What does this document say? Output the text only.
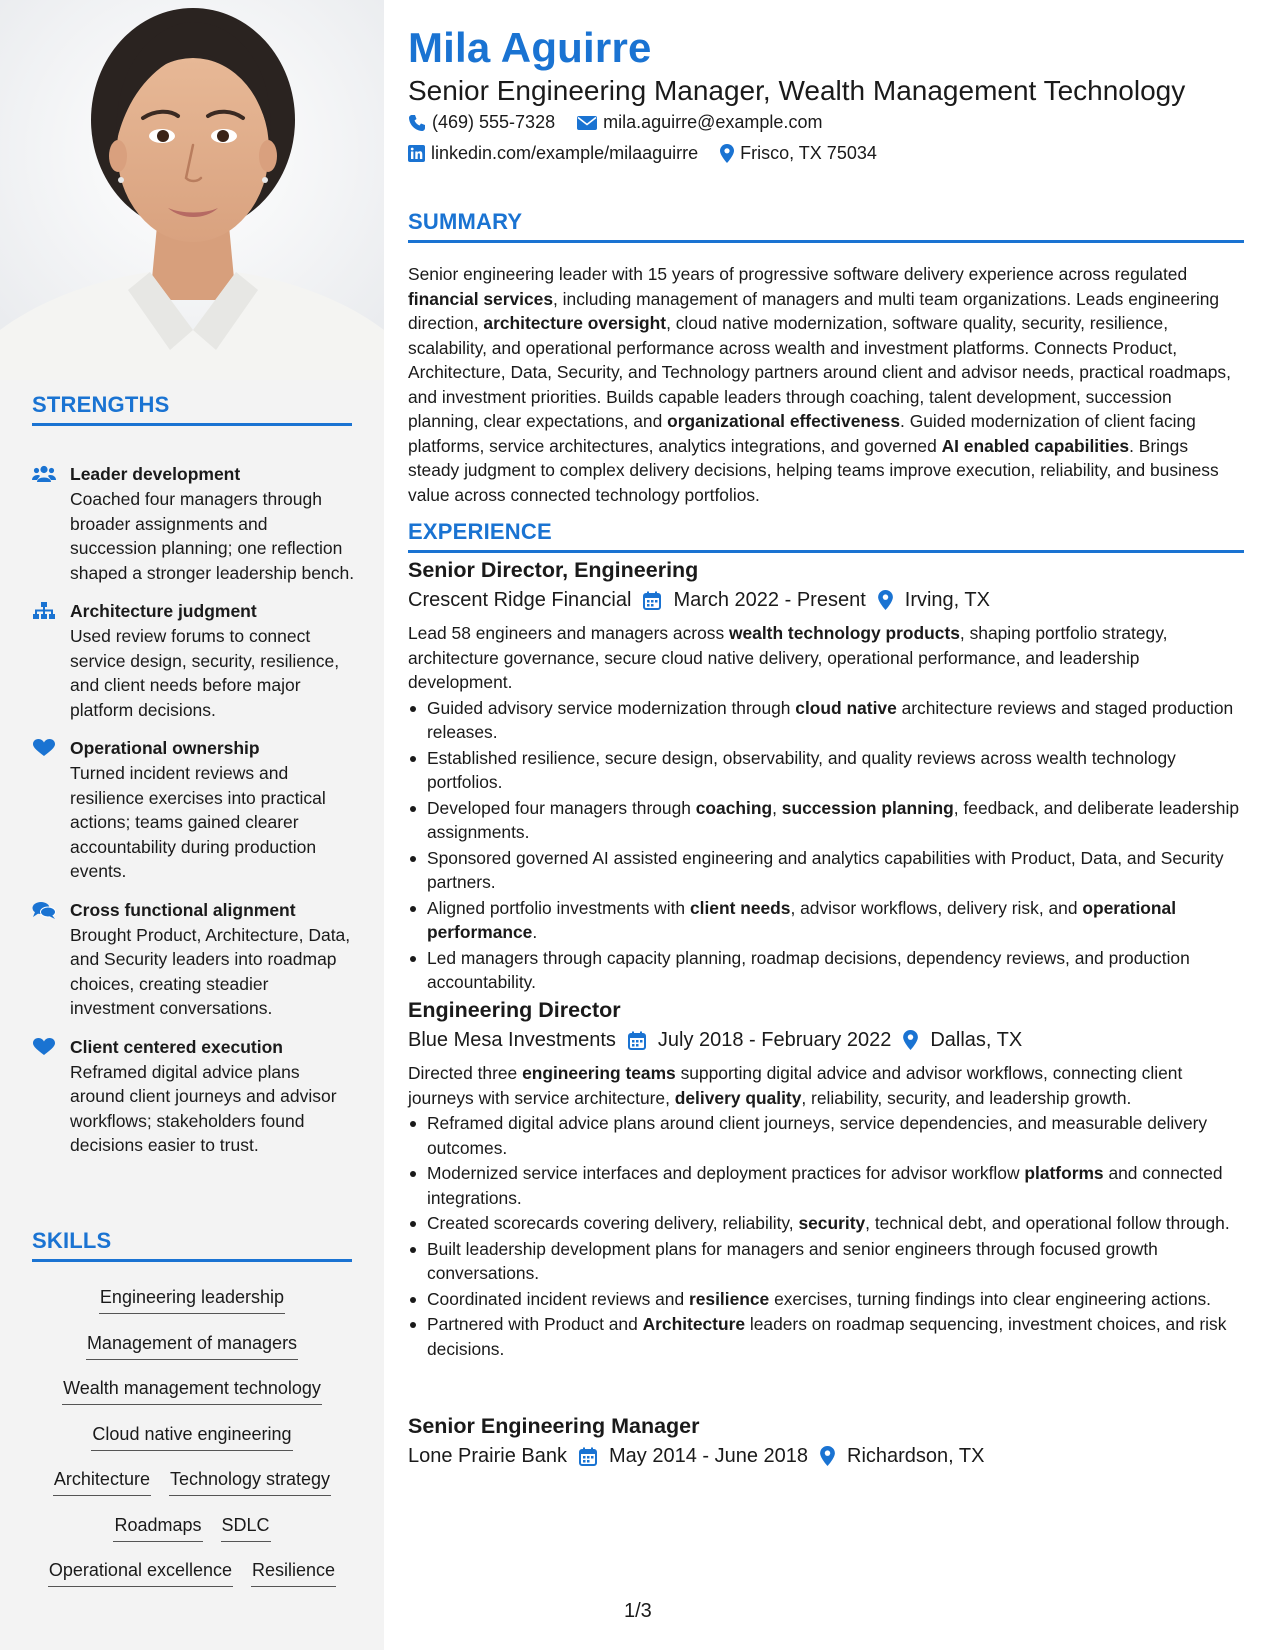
STRENGTHS
Leader development
Coached four managers through broader assignments and succession planning; one reflection shaped a stronger leadership bench.
Architecture judgment
Used review forums to connect service design, security, resilience, and client needs before major platform decisions.
Operational ownership
Turned incident reviews and resilience exercises into practical actions; teams gained clearer accountability during production events.
Cross functional alignment
Brought Product, Architecture, Data, and Security leaders into roadmap choices, creating steadier investment conversations.
Client centered execution
Reframed digital advice plans around client journeys and advisor workflows; stakeholders found decisions easier to trust.
SKILLS
Engineering leadership
Management of managers
Wealth management technology
Cloud native engineering
Architecture Technology strategy
Roadmaps SDLC
Operational excellence Resilience
Mila Aguirre
Senior Engineering Manager, Wealth Management Technology
(469) 555-7328	mila.aguirre@example.com
linkedin.com/example/milaaguirre Frisco, TX 75034
SUMMARY
Senior engineering leader with 15 years of progressive software delivery experience across regulated financial services, including management of managers and multi team organizations. Leads engineering direction, architecture oversight, cloud native modernization, software quality, security, resilience, scalability, and operational performance across wealth and investment platforms. Connects Product, Architecture, Data, Security, and Technology partners around client and advisor needs, practical roadmaps, and investment priorities. Builds capable leaders through coaching, talent development, succession planning, clear expectations, and organizational effectiveness. Guided modernization of client facing platforms, service architectures, analytics integrations, and governed AI enabled capabilities. Brings steady judgment to complex delivery decisions, helping teams improve execution, reliability, and business value across connected technology portfolios.
EXPERIENCE
Senior Director, Engineering
Crescent Ridge Financial March 2022 - Present Irving, TX
Lead 58 engineers and managers across wealth technology products, shaping portfolio strategy, architecture governance, secure cloud native delivery, operational performance, and leadership development.
Guided advisory service modernization through cloud native architecture reviews and staged production releases.
Established resilience, secure design, observability, and quality reviews across wealth technology portfolios.
Developed four managers through coaching, succession planning, feedback, and deliberate leadership assignments.
Sponsored governed AI assisted engineering and analytics capabilities with Product, Data, and Security partners.
Aligned portfolio investments with client needs, advisor workflows, delivery risk, and operational performance.
Led managers through capacity planning, roadmap decisions, dependency reviews, and production accountability.
Engineering Director
Blue Mesa Investments July 2018 - February 2022 Dallas, TX
Directed three engineering teams supporting digital advice and advisor workflows, connecting client journeys with service architecture, delivery quality, reliability, security, and leadership growth.
Reframed digital advice plans around client journeys, service dependencies, and measurable delivery outcomes.
Modernized service interfaces and deployment practices for advisor workflow platforms and connected integrations.
Created scorecards covering delivery, reliability, security, technical debt, and operational follow through.
Built leadership development plans for managers and senior engineers through focused growth conversations.
Coordinated incident reviews and resilience exercises, turning findings into clear engineering actions.
Partnered with Product and Architecture leaders on roadmap sequencing, investment choices, and risk decisions.
Senior Engineering Manager
Lone Prairie Bank May 2014 - June 2018 Richardson, TX
1/3
